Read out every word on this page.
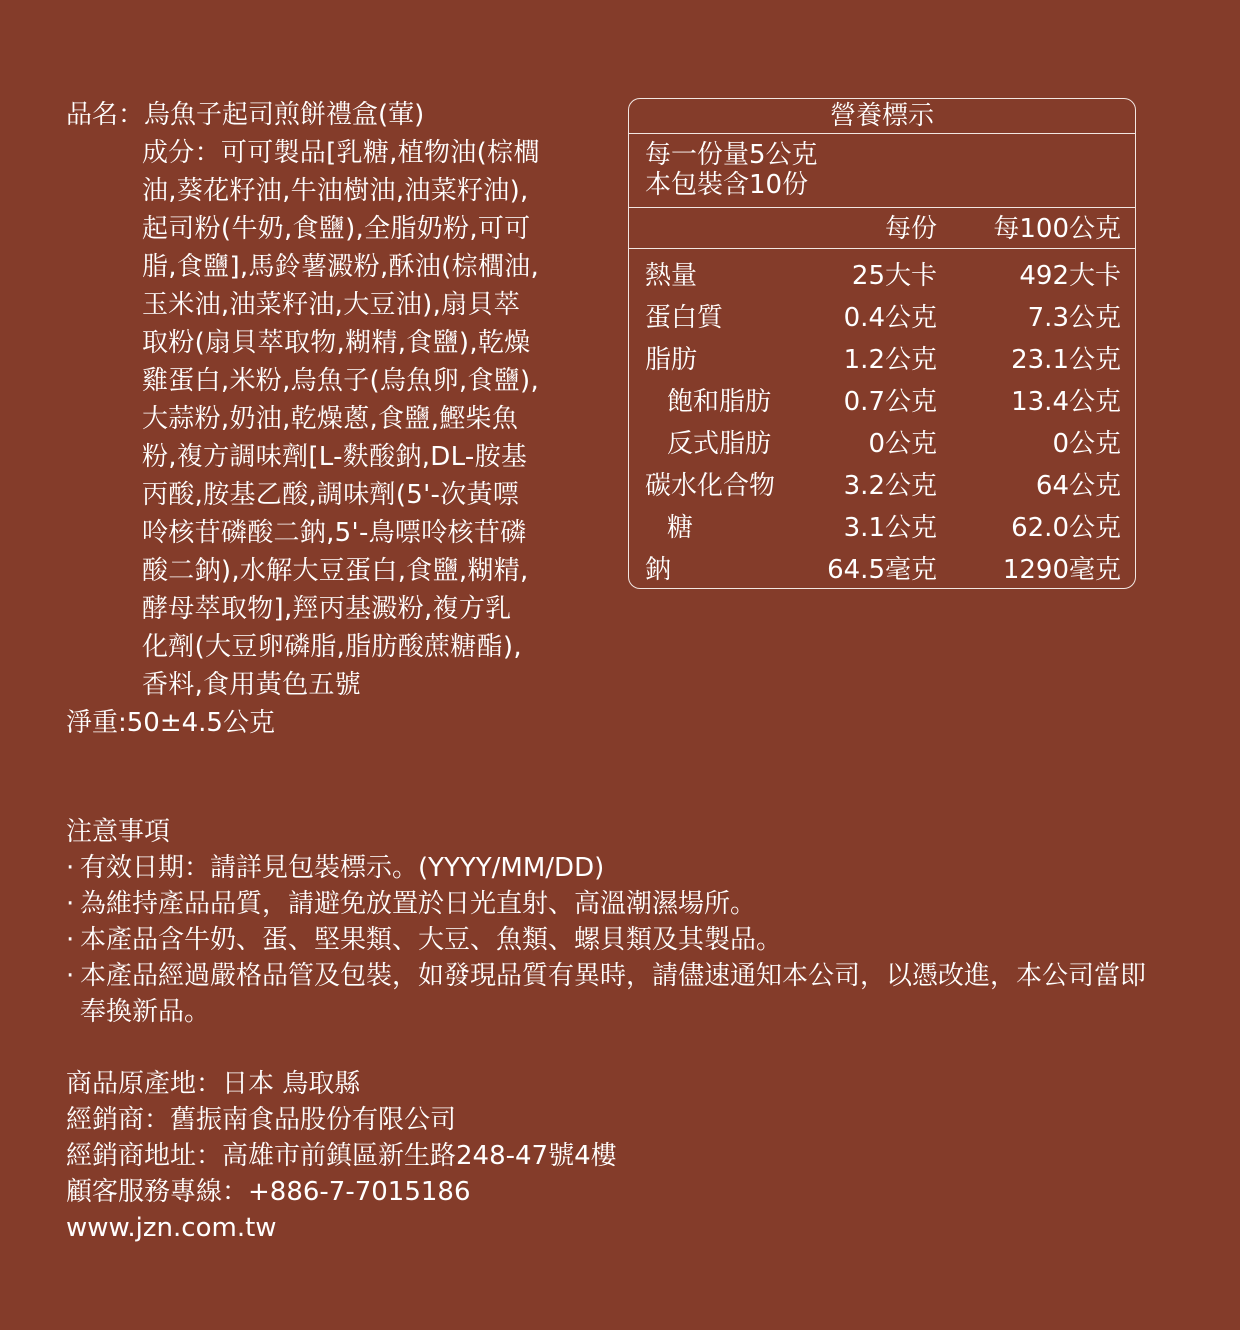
品名：烏魚子起司煎餅禮盒(葷)
成分：可可製品[乳糖,植物油(棕櫚
油,葵花籽油,牛油樹油,油菜籽油),
起司粉(牛奶,食鹽),全脂奶粉,可可
脂,食鹽],馬鈴薯澱粉,酥油(棕櫚油,
玉米油,油菜籽油,大豆油),扇貝萃
取粉(扇貝萃取物,糊精,食鹽),乾燥
雞蛋白,米粉,烏魚子(烏魚卵,食鹽),
大蒜粉,奶油,乾燥蔥,食鹽,鰹柴魚
粉,複方調味劑[L-麩酸鈉,DL-胺基
丙酸,胺基乙酸,調味劑(5'-次黃嘌
呤核苷磷酸二鈉,5'-鳥嘌呤核苷磷
酸二鈉),水解大豆蛋白,食鹽,糊精,
酵母萃取物],羥丙基澱粉,複方乳
化劑(大豆卵磷脂,脂肪酸蔗糖酯),
香料,食用黃色五號
淨重:50±4.5公克
營養標示
每一份量5公克
本包裝含10份
每份 每100公克
熱量	25大卡	492大卡
蛋白質	0.4公克	7.3公克
脂肪	1.2公克	23.1公克
飽和脂肪	0.7公克	13.4公克
反式脂肪	0公克	0公克
碳水化合物	3.2公克	64公克
糖	3.1公克	62.0公克
鈉	64.5毫克	1290毫克
注意事項
· 有效日期：請詳見包裝標示。(YYYY/MM/DD)
· 為維持產品品質，請避免放置於日光直射、高溫潮濕場所。
· 本產品含牛奶、蛋、堅果類、大豆、魚類、螺貝類及其製品。
· 本產品經過嚴格品管及包裝，如發現品質有異時，請儘速通知本公司，以憑改進，本公司當即
奉換新品。
商品原產地：日本 鳥取縣
經銷商：舊振南食品股份有限公司
經銷商地址：高雄市前鎮區新生路248-47號4樓
顧客服務專線：+886-7-7015186
www.jzn.com.tw
